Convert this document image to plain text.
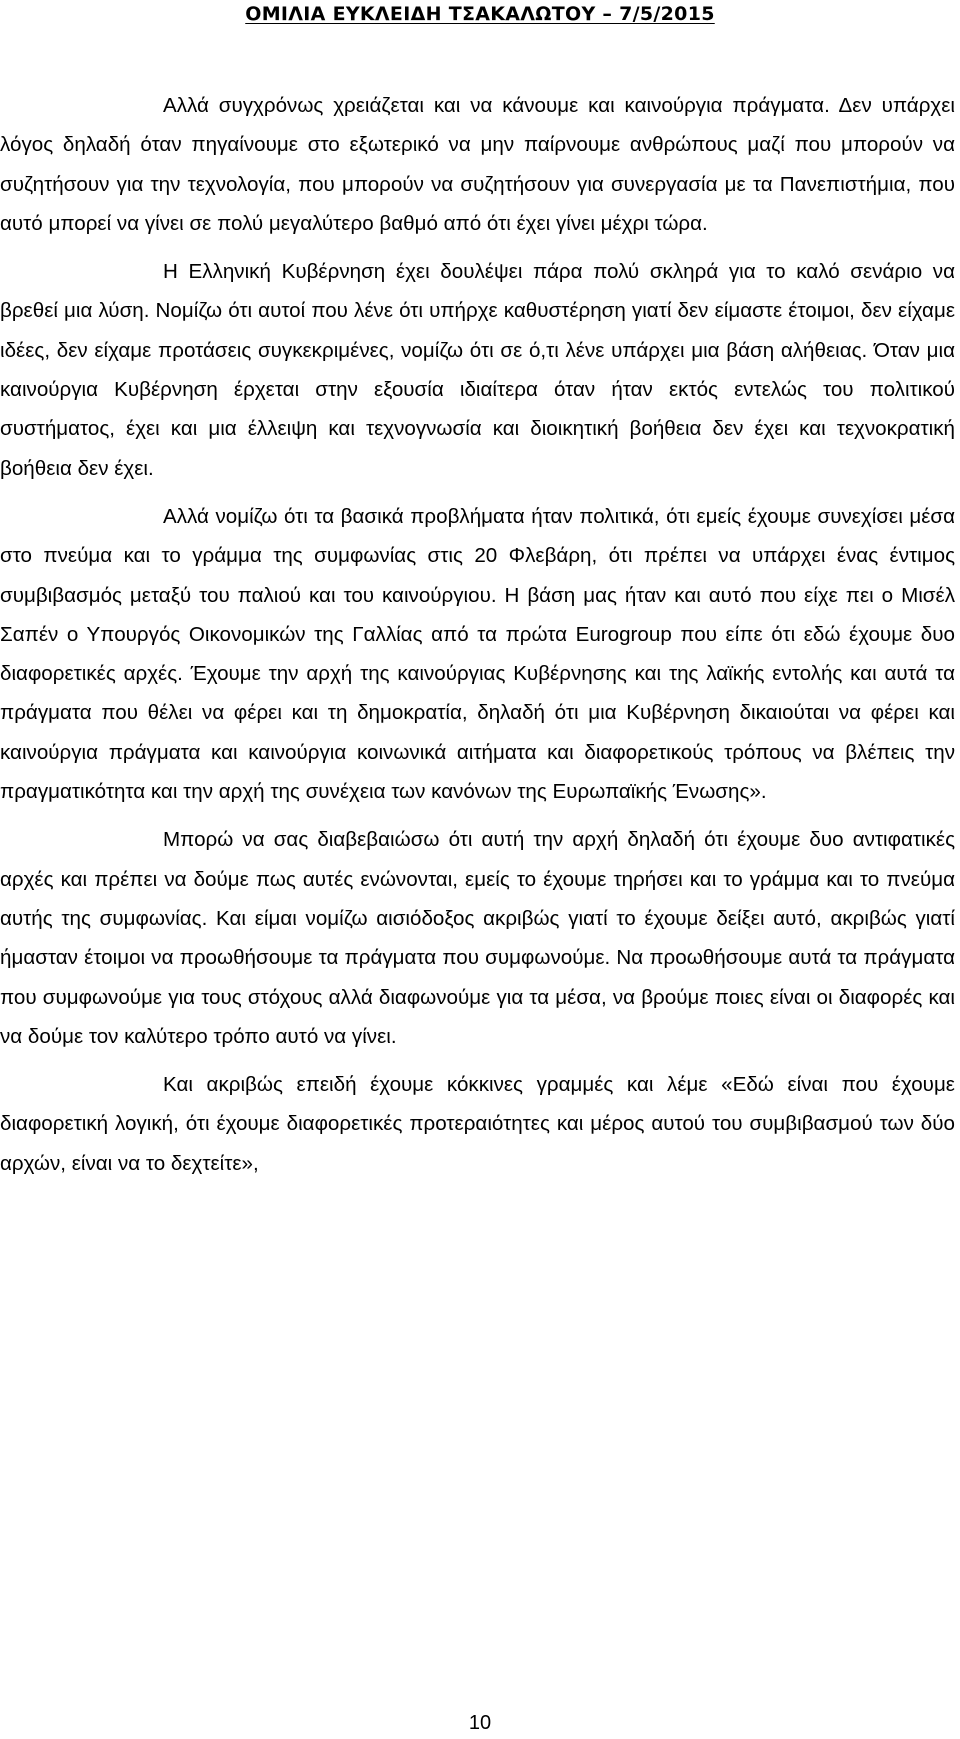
ΟΜΙΛΙΑ ΕΥΚΛΕΙΔΗ ΤΣΑΚΑΛΩΤΟΥ – 7/5/2015

Αλλά συγχρόνως χρειάζεται και να κάνουμε και καινούργια πράγματα. Δεν υπάρχει λόγος δηλαδή όταν πηγαίνουμε στο εξωτερικό να μην παίρνουμε ανθρώπους μαζί που μπορούν να συζητήσουν για την τεχνολογία, που μπορούν να συζητήσουν για συνεργασία με τα Πανεπιστήμια, που αυτό μπορεί να γίνει σε πολύ μεγαλύτερο βαθμό από ότι έχει γίνει μέχρι τώρα.

Η Ελληνική Κυβέρνηση έχει δουλέψει πάρα πολύ σκληρά για το καλό σενάριο να βρεθεί μια λύση. Νομίζω ότι αυτοί που λένε ότι υπήρχε καθυστέρηση γιατί δεν είμαστε έτοιμοι, δεν είχαμε ιδέες, δεν είχαμε προτάσεις συγκεκριμένες, νομίζω ότι σε ό,τι λένε υπάρχει μια βάση αλήθειας. Όταν μια καινούργια Κυβέρνηση έρχεται στην εξουσία ιδιαίτερα όταν ήταν εκτός εντελώς του πολιτικού συστήματος, έχει και μια έλλειψη και τεχνογνωσία και διοικητική βοήθεια δεν έχει και τεχνοκρατική βοήθεια δεν έχει.

Αλλά νομίζω ότι τα βασικά προβλήματα ήταν πολιτικά, ότι εμείς έχουμε συνεχίσει μέσα στο πνεύμα και το γράμμα της συμφωνίας στις 20 Φλεβάρη, ότι πρέπει να υπάρχει ένας έντιμος συμβιβασμός μεταξύ του παλιού και του καινούργιου. Η βάση μας ήταν και αυτό που είχε πει ο Μισέλ Σαπέν ο Υπουργός Οικονομικών της Γαλλίας από τα πρώτα Eurogroup που είπε ότι εδώ έχουμε δυο διαφορετικές αρχές. Έχουμε την αρχή της καινούργιας Κυβέρνησης και της λαϊκής εντολής και αυτά τα πράγματα που θέλει να φέρει και τη δημοκρατία, δηλαδή ότι μια Κυβέρνηση δικαιούται να φέρει και καινούργια πράγματα και καινούργια κοινωνικά αιτήματα και διαφορετικούς τρόπους να βλέπεις την πραγματικότητα και την αρχή της συνέχεια των κανόνων της Ευρωπαϊκής Ένωσης».

Μπορώ να σας διαβεβαιώσω ότι αυτή την αρχή δηλαδή ότι έχουμε δυο αντιφατικές αρχές και πρέπει να δούμε πως αυτές ενώνονται, εμείς το έχουμε τηρήσει και το γράμμα και το πνεύμα αυτής της συμφωνίας. Και είμαι νομίζω αισιόδοξος ακριβώς γιατί το έχουμε δείξει αυτό, ακριβώς γιατί ήμασταν έτοιμοι να προωθήσουμε τα πράγματα που συμφωνούμε. Να προωθήσουμε αυτά τα πράγματα που συμφωνούμε για τους στόχους αλλά διαφωνούμε για τα μέσα, να βρούμε ποιες είναι οι διαφορές και να δούμε τον καλύτερο τρόπο αυτό να γίνει.

Και ακριβώς επειδή έχουμε κόκκινες γραμμές και λέμε «Εδώ είναι που έχουμε διαφορετική λογική, ότι έχουμε διαφορετικές προτεραιότητες και μέρος αυτού του συμβιβασμού των δύο αρχών, είναι να το δεχτείτε»,

10
